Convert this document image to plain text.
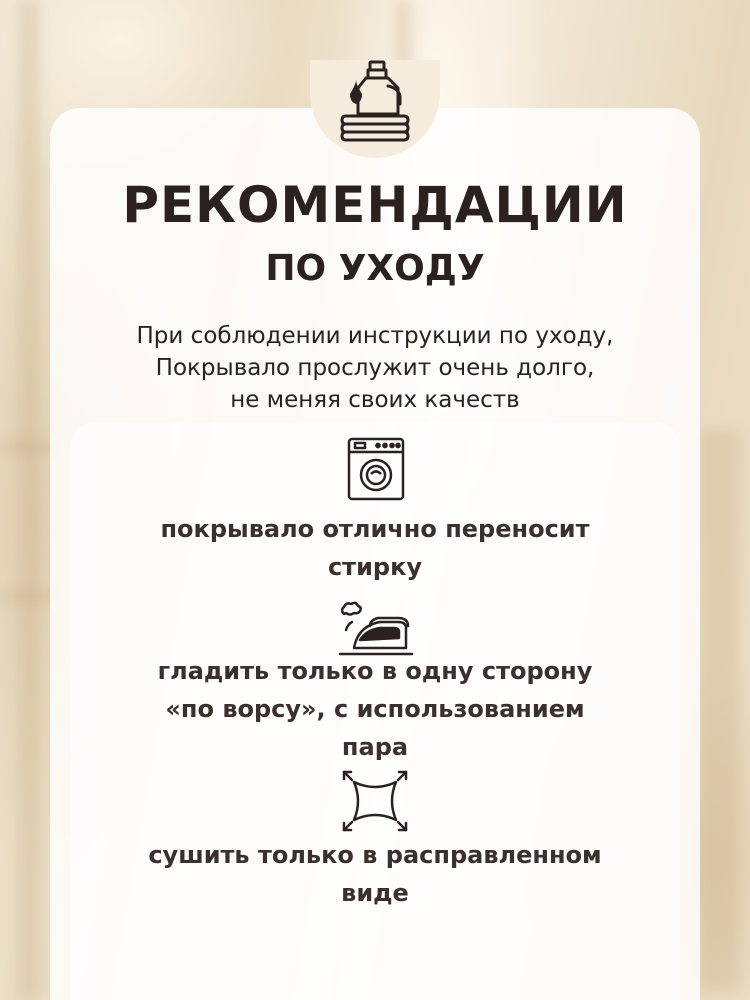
РЕКОМЕНДАЦИИ
ПО УХОДУ

При соблюдении инструкции по уходу,
Покрывало прослужит очень долго,
не меняя своих качеств

покрывало отлично переносит
стирку

гладить только в одну сторону
«по ворсу», с использованием
пара

сушить только в расправленном
виде
